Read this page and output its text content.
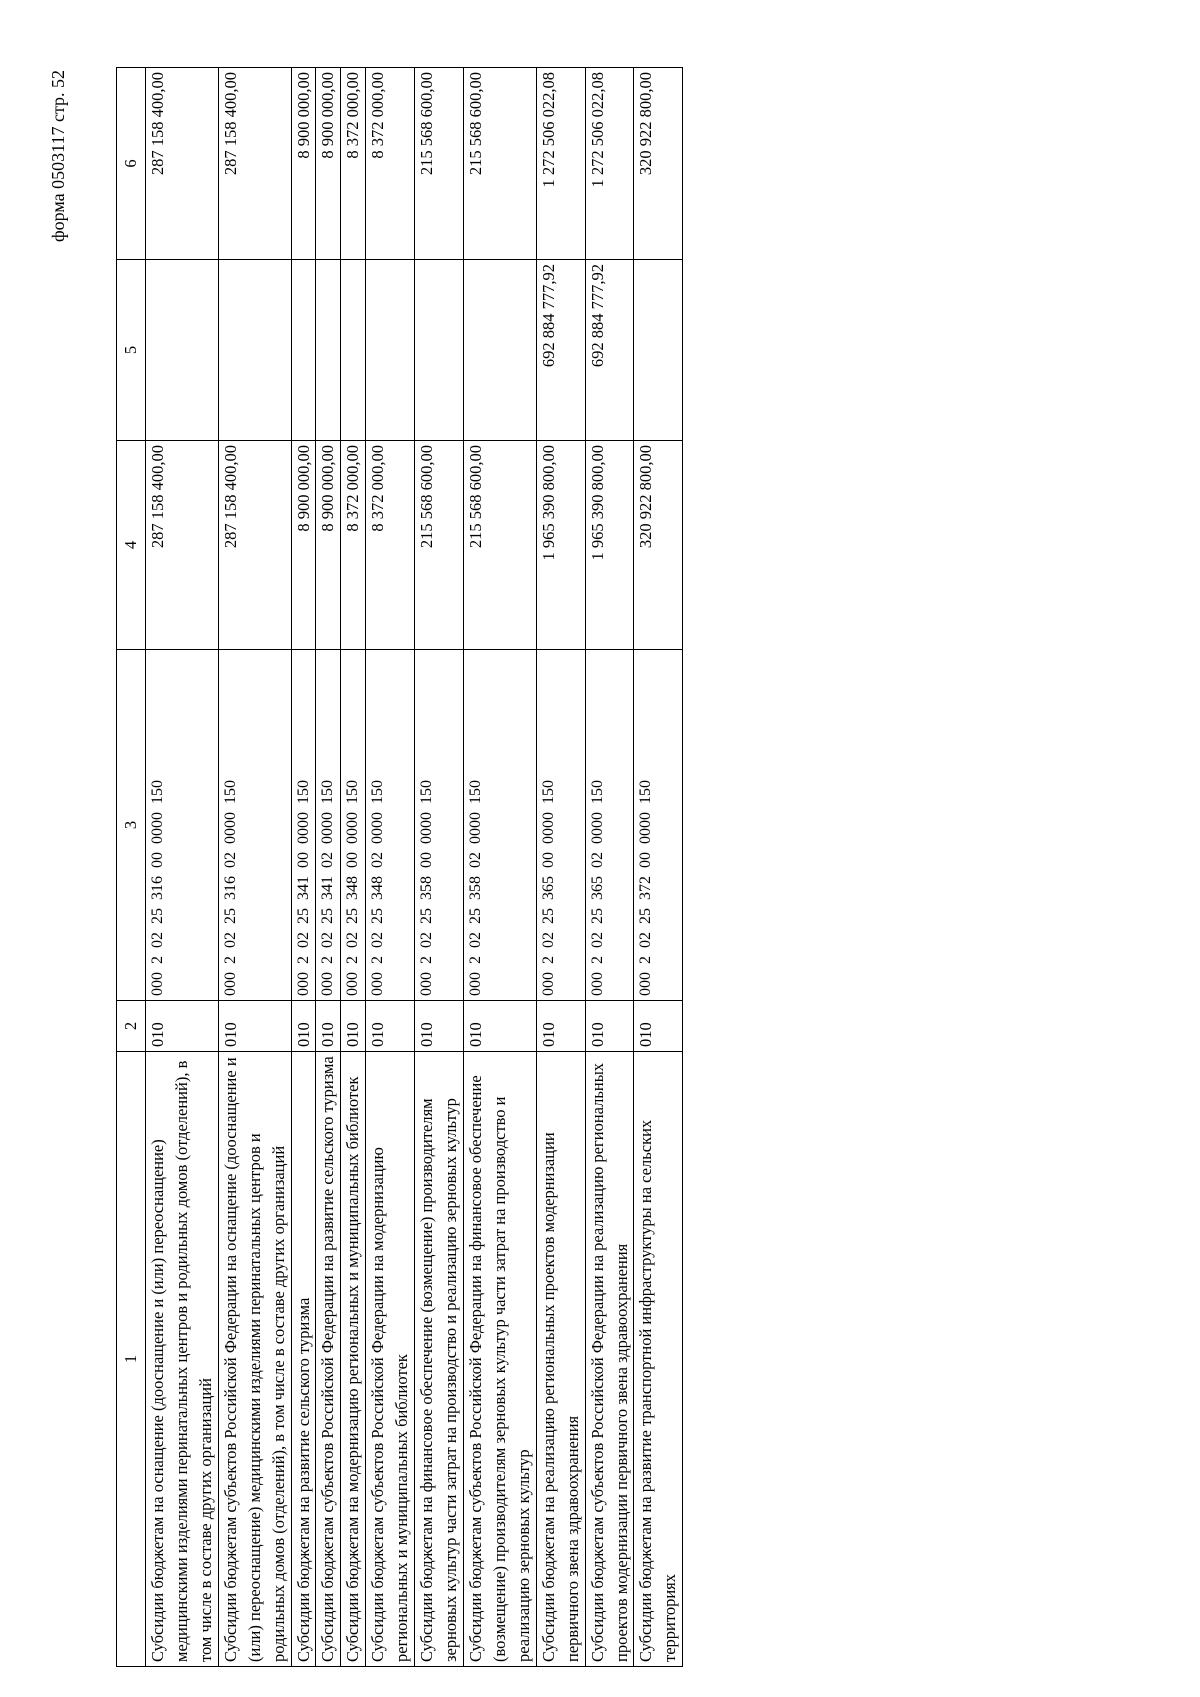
форма 0503117 стр. 52
1	2	3	4	5	6
Субсидии бюджетам на оснащение (дооснащение и (или) переоснащение) медицинскими изделиями перинатальных центров и родильных домов (отделений), в том числе в составе других организаций	010	000  2  02  25  316  00  0000  150	287 158 400,00		287 158 400,00
Субсидии бюджетам субъектов Российской Федерации на оснащение (дооснащение и (или) переоснащение) медицинскими изделиями перинатальных центров и родильных домов (отделений), в том числе в составе других организаций	010	000  2  02  25  316  02  0000  150	287 158 400,00		287 158 400,00
Субсидии бюджетам на развитие сельского туризма	010	000  2  02  25  341  00  0000  150	8 900 000,00		8 900 000,00
Субсидии бюджетам субъектов Российской Федерации на развитие сельского туризма	010	000  2  02  25  341  02  0000  150	8 900 000,00		8 900 000,00
Субсидии бюджетам на модернизацию региональных и муниципальных библиотек	010	000  2  02  25  348  00  0000  150	8 372 000,00		8 372 000,00
Субсидии бюджетам субъектов Российской Федерации на модернизацию региональных и муниципальных библиотек	010	000  2  02  25  348  02  0000  150	8 372 000,00		8 372 000,00
Субсидии бюджетам на финансовое обеспечение (возмещение) производителям зерновых культур части затрат на производство и реализацию зерновых культур	010	000  2  02  25  358  00  0000  150	215 568 600,00		215 568 600,00
Субсидии бюджетам субъектов Российской Федерации на финансовое обеспечение (возмещение) производителям зерновых культур части затрат на производство и реализацию зерновых культур	010	000  2  02  25  358  02  0000  150	215 568 600,00		215 568 600,00
Субсидии бюджетам на реализацию региональных проектов модернизации первичного звена здравоохранения	010	000  2  02  25  365  00  0000  150	1 965 390 800,00	692 884 777,92	1 272 506 022,08
Субсидии бюджетам субъектов Российской Федерации на реализацию региональных проектов модернизации первичного звена здравоохранения	010	000  2  02  25  365  02  0000  150	1 965 390 800,00	692 884 777,92	1 272 506 022,08
Субсидии бюджетам на развитие транспортной инфраструктуры на сельских территориях	010	000  2  02  25  372  00  0000  150	320 922 800,00		320 922 800,00
